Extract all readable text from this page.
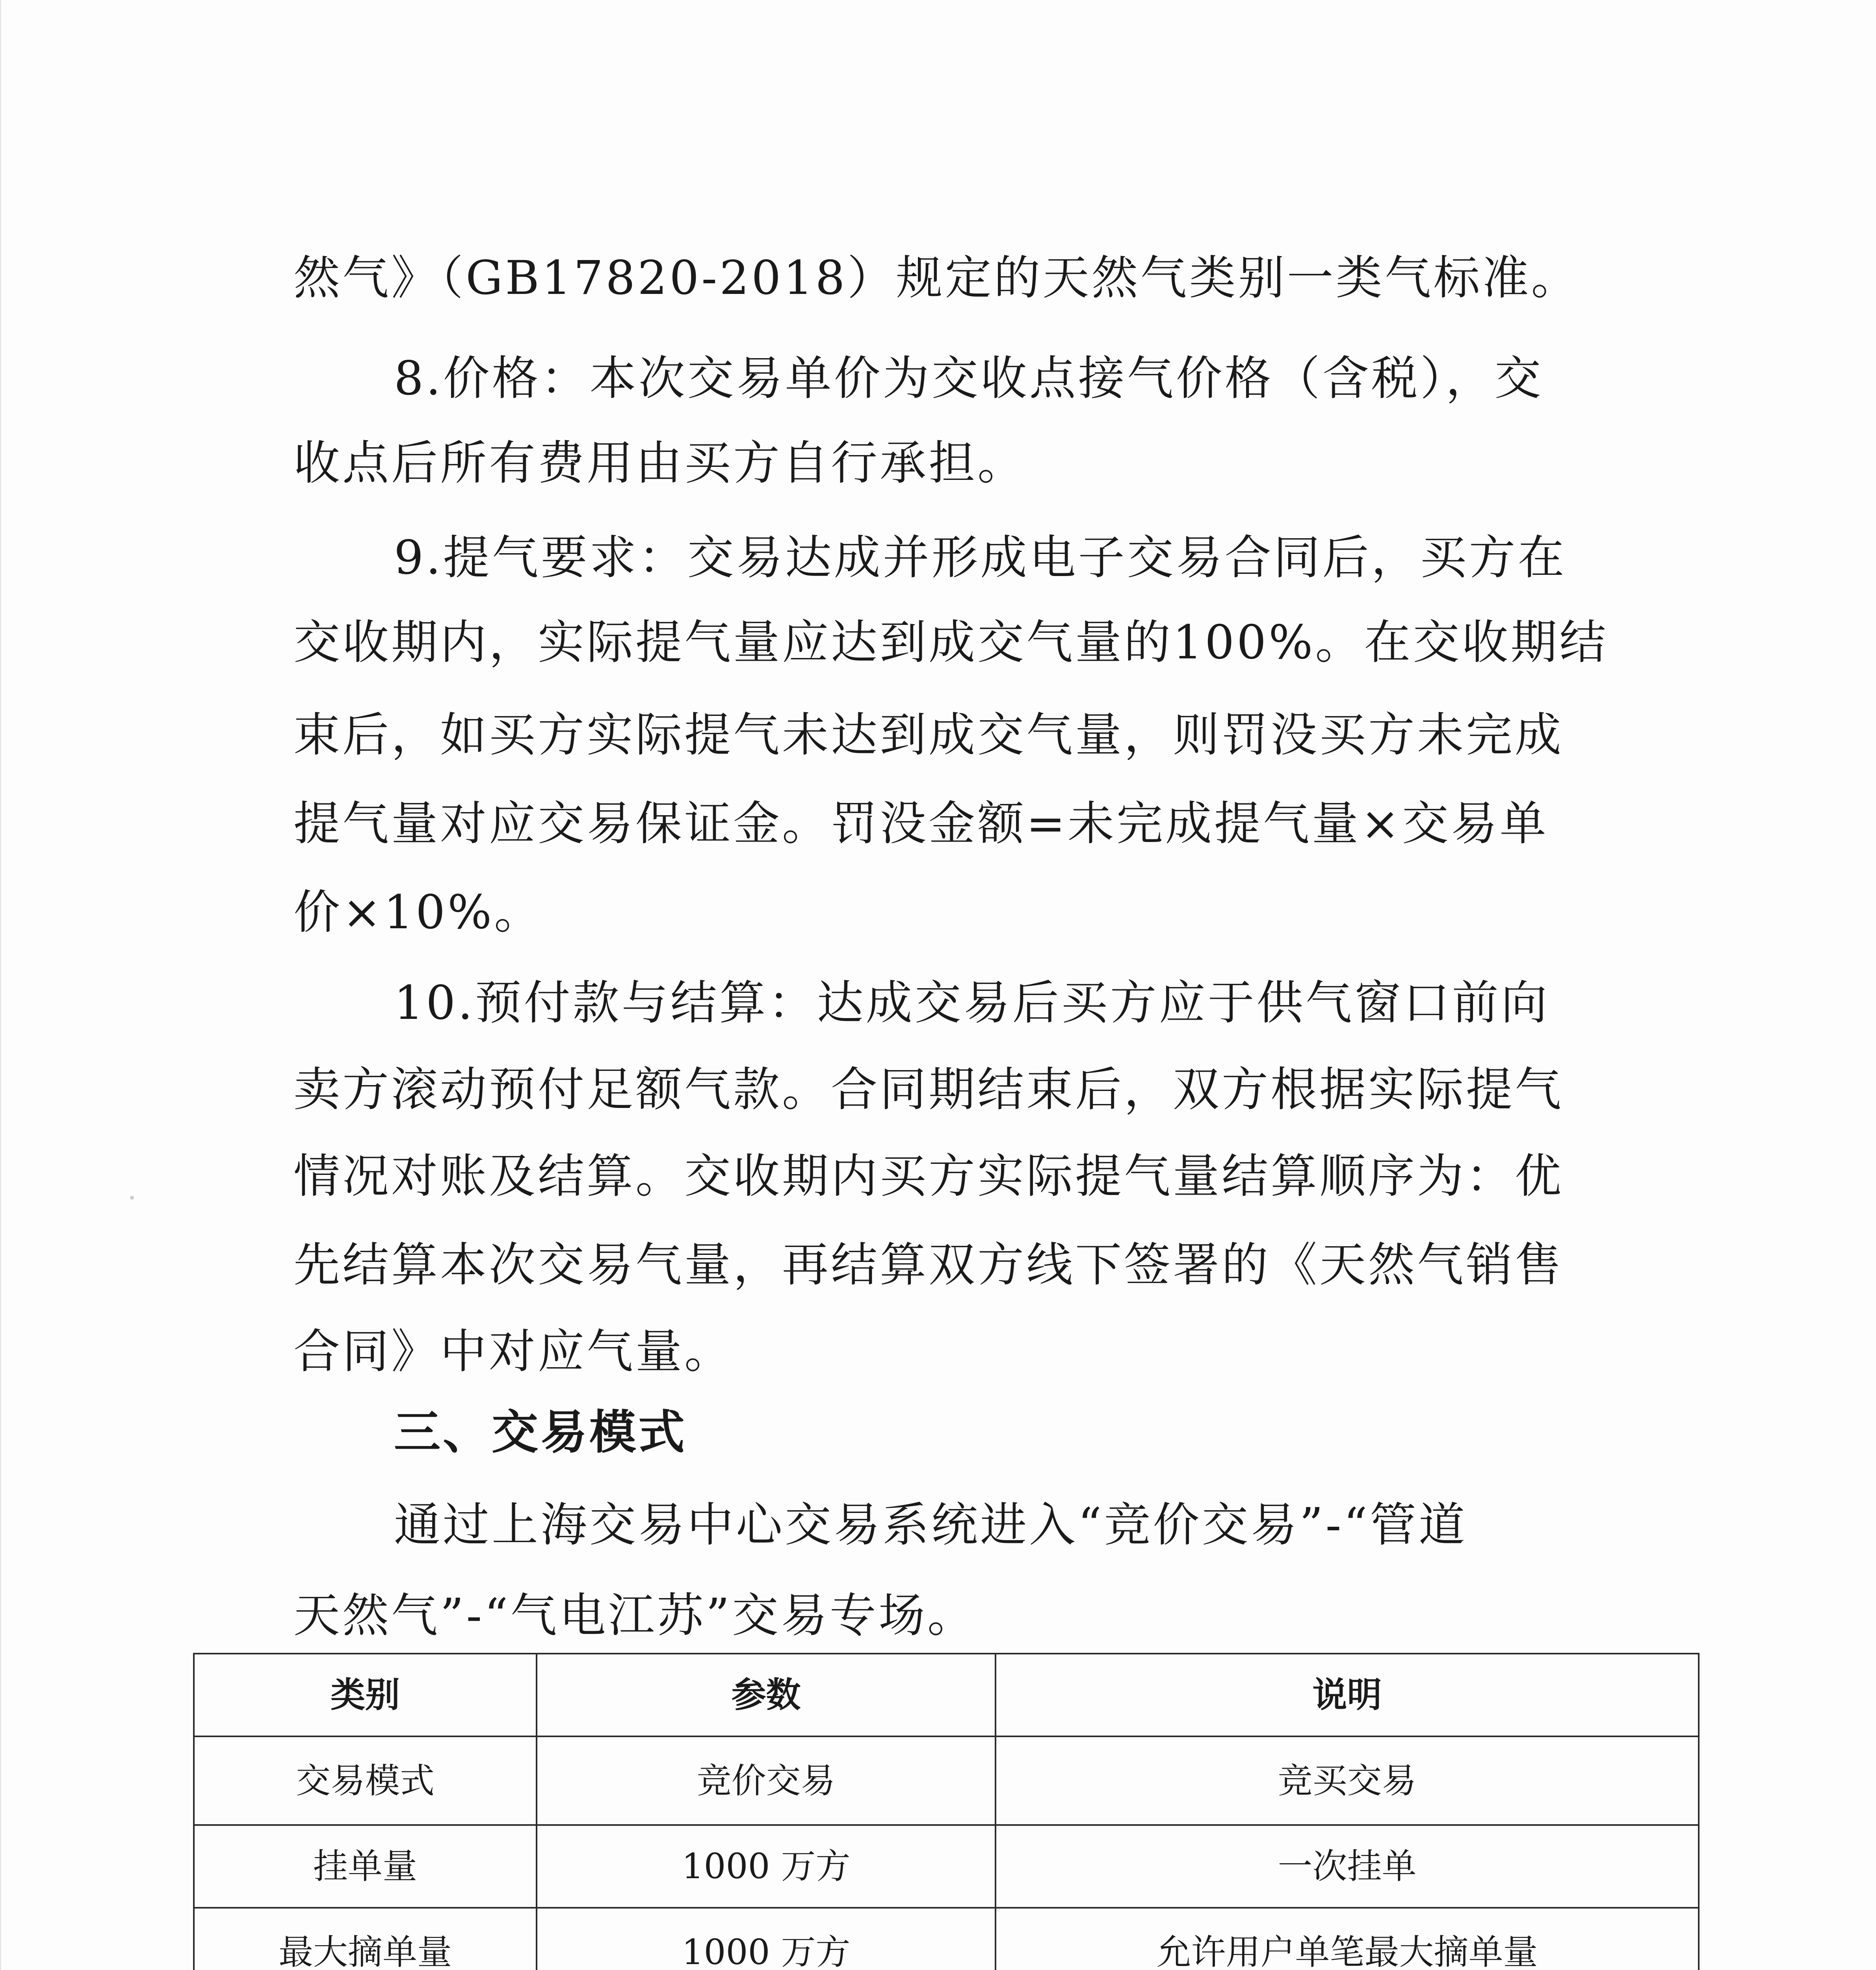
然气》（GB17820-2018）规定的天然气类别一类气标准。
8.价格：本次交易单价为交收点接气价格（含税），交
收点后所有费用由买方自行承担。
9.提气要求：交易达成并形成电子交易合同后，买方在
交收期内，实际提气量应达到成交气量的100%。在交收期结
束后，如买方实际提气未达到成交气量，则罚没买方未完成
提气量对应交易保证金。罚没金额=未完成提气量×交易单
价×10%。
10.预付款与结算：达成交易后买方应于供气窗口前向
卖方滚动预付足额气款。合同期结束后，双方根据实际提气
情况对账及结算。交收期内买方实际提气量结算顺序为：优
先结算本次交易气量，再结算双方线下签署的《天然气销售
合同》中对应气量。
三、交易模式
通过上海交易中心交易系统进入“竞价交易”-“管道
天然气”-“气电江苏”交易专场。
类别	参数	说明
交易模式	竞价交易	竞买交易
挂单量	1000 万方	一次挂单
最大摘单量	1000 万方	允许用户单笔最大摘单量
